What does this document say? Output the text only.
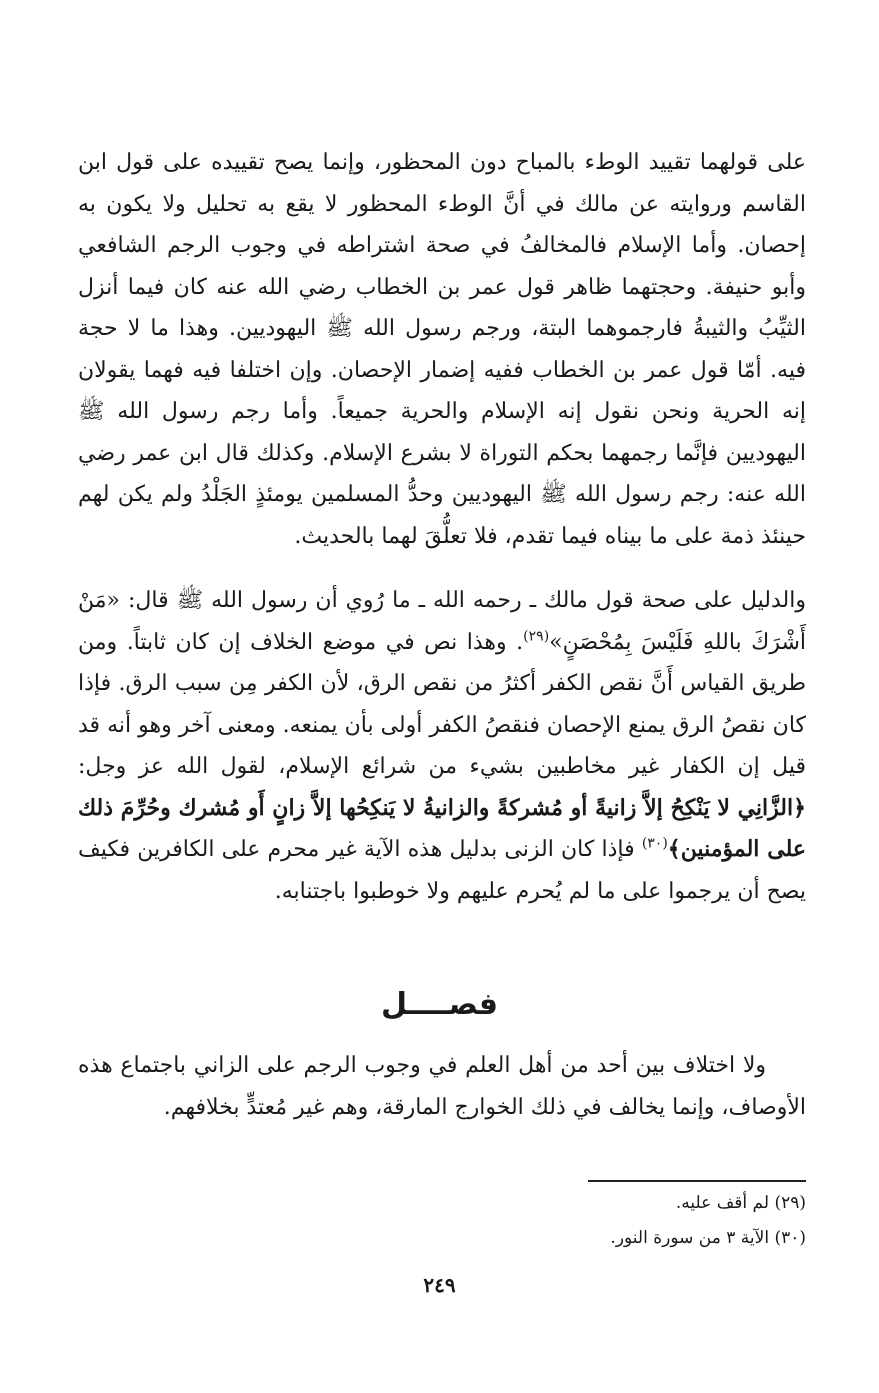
على قولهما تقييد الوطء بالمباح دون المحظور، وإنما يصح تقييده على قول ابن القاسم وروايته عن مالك في أنَّ الوطء المحظور لا يقع به تحليل ولا يكون به إحصان. وأما الإسلام فالمخالفُ في صحة اشتراطه في وجوب الرجم الشافعي وأبو حنيفة. وحجتهما ظاهر قول عمر بن الخطاب رضي الله عنه كان فيما أنزل الثيِّبُ والثيبةُ فارجموهما البتة، ورجم رسول الله ﷺ اليهوديين. وهذا ما لا حجة فيه. أمّا قول عمر بن الخطاب ففيه إضمار الإحصان. وإن اختلفا فيه فهما يقولان إنه الحرية ونحن نقول إنه الإسلام والحرية جميعاً. وأما رجم رسول الله ﷺ اليهوديين فإنَّما رجمهما بحكم التوراة لا بشرع الإسلام. وكذلك قال ابن عمر رضي الله عنه: رجم رسول الله ﷺ اليهوديين وحدُّ المسلمين يومئذٍ الجَلْدُ ولم يكن لهم حينئذ ذمة على ما بيناه فيما تقدم، فلا تعلُّقَ لهما بالحديث.

والدليل على صحة قول مالك ـ رحمه الله ـ ما رُوي أن رسول الله ﷺ قال: «مَنْ أَشْرَكَ باللهِ فَلَيْسَ بِمُحْصَنٍ»$^{(٢٩)}$. وهذا نص في موضع الخلاف إن كان ثابتاً. ومن طريق القياس أَنَّ نقص الكفر أكثرُ من نقص الرق، لأن الكفر مِن سبب الرق. فإذا كان نقصُ الرق يمنع الإحصان فنقصُ الكفر أولى بأن يمنعه. ومعنى آخر وهو أنه قد قيل إن الكفار غير مخاطبين بشيء من شرائع الإسلام، لقول الله عز وجل: ﴿الزَّانِي لا يَنْكِحُ إلاَّ زانيةً أو مُشركةً والزانيةُ لا يَنكِحُها إلاَّ زانٍ أَو مُشرك وحُرِّمَ ذلك على المؤمنين﴾$^{(٣٠)}$ فإذا كان الزنى بدليل هذه الآية غير محرم على الكافرين فكيف يصح أن يرجموا على ما لم يُحرم عليهم ولا خوطبوا باجتنابه.

فصــــل

ولا اختلاف بين أحد من أهل العلم في وجوب الرجم على الزاني باجتماع هذه الأوصاف، وإنما يخالف في ذلك الخوارج المارقة، وهم غير مُعتدٍّ بخلافهم.

(٢٩) لم أقف عليه.

(٣٠) الآية ٣ من سورة النور.

٢٤٩
